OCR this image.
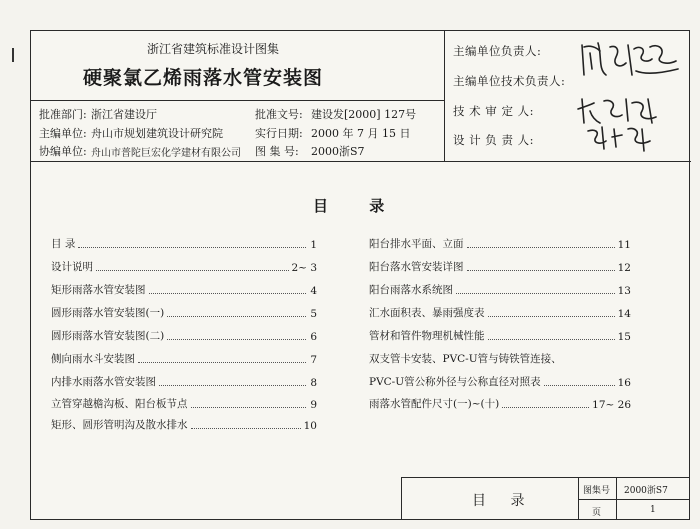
浙江省建筑标准设计图集
硬聚氯乙烯雨落水管安装图
批准部门: 浙江省建设厅	批准文号: 建设发[2000] 127号
主编单位: 舟山市规划建筑设计研究院	实行日期: 2000 年 7 月 15 日
协编单位: 舟山市普陀巨宏化学建材有限公司 图 集 号: 2000浙S7
主编单位负责人:
主编单位技术负责人:
技 术 审 定 人:
设 计 负 责 人:
目 录
目 录	1
设计说明	2~ 3
矩形雨落水管安装图	4
圆形雨落水管安装图(一)	5
圆形雨落水管安装图(二)	6
侧向雨水斗安装图	7
内排水雨落水管安装图	8
立管穿越檐沟板、阳台板节点	9
矩形、圆形管明沟及散水排水	10
阳台排水平面、立面	11
阳台落水管安装详图	12
阳台雨落水系统图	13
汇水面积表、暴雨强度表	14
管材和管件物理机械性能	15
双支管卡安装、PVC-U管与铸铁管连接、
PVC-U管公称外径与公称直径对照表	16
雨落水管配件尺寸(一)~(十)	17~ 26
目 录
图集号 2000浙S7
页	1
